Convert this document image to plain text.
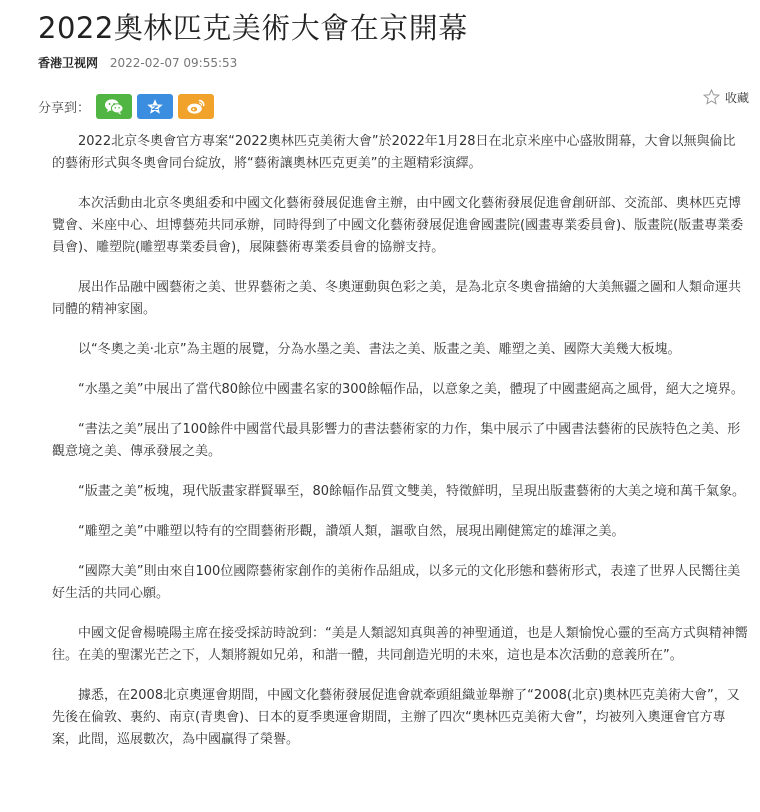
2022奧林匹克美術大會在京開幕
香港卫视网 2022-02-07 09:55:53
分享到：
收藏

2022北京冬奧會官方專案“2022奧林匹克美術大會”於2022年1月28日在北京米座中心盛妝開幕，大會以無與倫比的藝術形式與冬奧會同台綻放，將“藝術讓奧林匹克更美”的主題精彩演繹。

本次活動由北京冬奧組委和中國文化藝術發展促進會主辦，由中國文化藝術發展促進會創研部、交流部、奧林匹克博覽會、米座中心、坦博藝苑共同承辦，同時得到了中國文化藝術發展促進會國畫院(國畫專業委員會)、版畫院(版畫專業委員會)、雕塑院(雕塑專業委員會)，展陳藝術專業委員會的協辦支持。

展出作品融中國藝術之美、世界藝術之美、冬奧運動與色彩之美，是為北京冬奧會描繪的大美無疆之圖和人類命運共同體的精神家園。

以“冬奧之美·北京”為主題的展覽，分為水墨之美、書法之美、版畫之美、雕塑之美、國際大美幾大板塊。

“水墨之美”中展出了當代80餘位中國畫名家的300餘幅作品，以意象之美，體現了中國畫絕高之風骨，絕大之境界。

“書法之美”展出了100餘件中國當代最具影響力的書法藝術家的力作，集中展示了中國書法藝術的民族特色之美、形觀意境之美、傳承發展之美。

“版畫之美”板塊，現代版畫家群賢畢至，80餘幅作品質文雙美，特徵鮮明，呈現出版畫藝術的大美之境和萬千氣象。

“雕塑之美”中雕塑以特有的空間藝術形觀，讚頌人類，謳歌自然，展現出剛健篤定的雄渾之美。

“國際大美”則由來自100位國際藝術家創作的美術作品組成，以多元的文化形態和藝術形式，表達了世界人民嚮往美好生活的共同心願。

中國文促會楊曉陽主席在接受採訪時說到：“美是人類認知真與善的神聖通道，也是人類愉悅心靈的至高方式與精神嚮往。在美的聖潔光芒之下，人類將親如兄弟，和諧一體，共同創造光明的未來，這也是本次活動的意義所在”。

據悉，在2008北京奧運會期間，中國文化藝術發展促進會就牽頭組織並舉辦了“2008(北京)奧林匹克美術大會”，又先後在倫敦、裏約、南京(青奧會)、日本的夏季奧運會期間，主辦了四次“奧林匹克美術大會”，均被列入奧運會官方專案，此間，巡展數次，為中國贏得了榮譽。
